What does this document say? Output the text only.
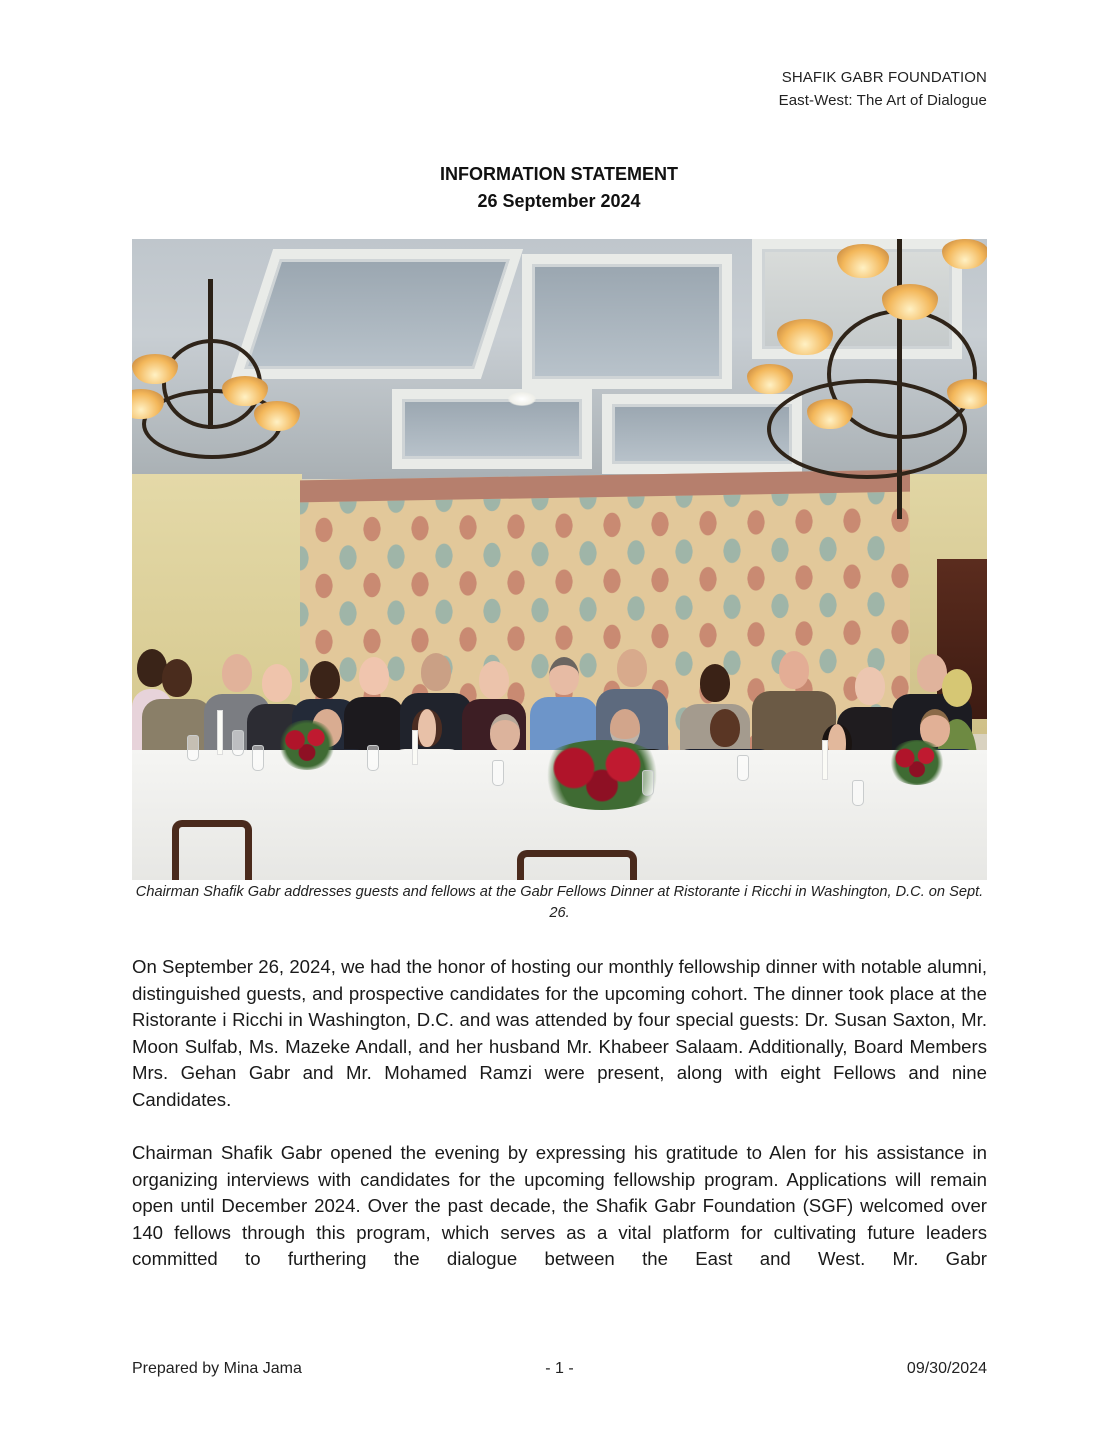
SHAFIK GABR FOUNDATION
East-West: The Art of Dialogue
INFORMATION STATEMENT
26 September 2024
Chairman Shafik Gabr addresses guests and fellows at the Gabr Fellows Dinner at Ristorante i Ricchi in Washington, D.C. on Sept. 26.

On September 26, 2024, we had the honor of hosting our monthly fellowship dinner with notable alumni, distinguished guests, and prospective candidates for the upcoming cohort. The dinner took place at the Ristorante i Ricchi in Washington, D.C. and was attended by four special guests: Dr. Susan Saxton, Mr. Moon Sulfab, Ms. Mazeke Andall, and her husband Mr. Khabeer Salaam. Additionally, Board Members Mrs. Gehan Gabr and Mr. Mohamed Ramzi were present, along with eight Fellows and nine Candidates.

Chairman Shafik Gabr opened the evening by expressing his gratitude to Alen for his assistance in organizing interviews with candidates for the upcoming fellowship program. Applications will remain open until December 2024. Over the past decade, the Shafik Gabr Foundation (SGF) welcomed over 140 fellows through this program, which serves as a vital platform for cultivating future leaders committed to furthering the dialogue between the East and West. Mr. Gabr

Prepared by Mina Jama	- 1 -	09/30/2024
